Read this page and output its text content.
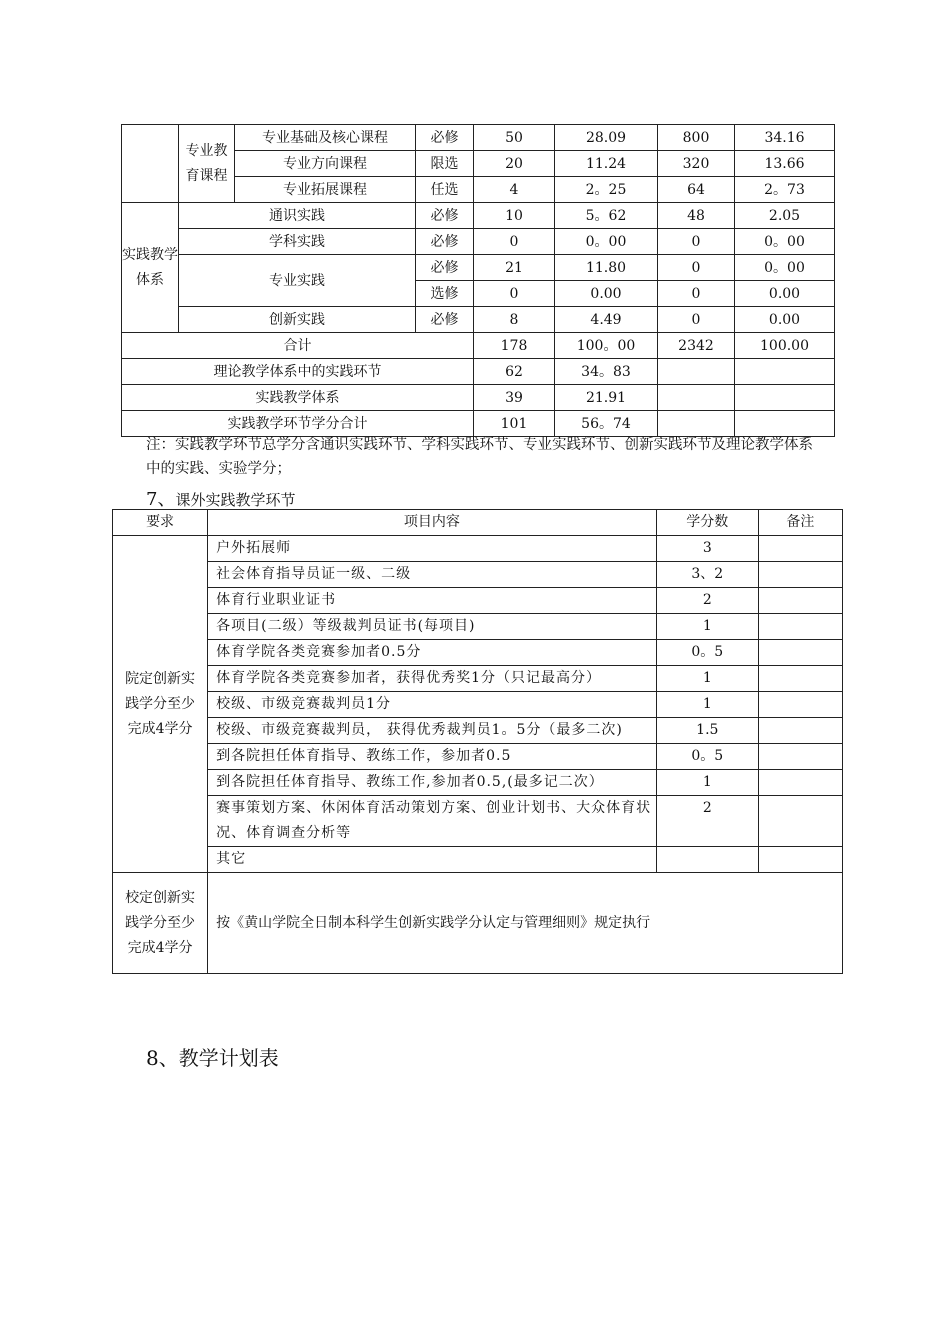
	专业教育课程	专业基础及核心课程	必修	50	28.09	800	34.16
		专业方向课程	限选	20	11.24	320	13.66
		专业拓展课程	任选	4	2。25	64	2。73
实践教学体系	通识实践		必修	10	5。62	48	2.05
	学科实践		必修	0	0。00	0	0。00
	专业实践		必修	21	11.80	0	0。00
			选修	0	0.00	0	0.00
	创新实践		必修	8	4.49	0	0.00
合计				178	100。00	2342	100.00
理论教学体系中的实践环节				62	34。83		
实践教学体系				39	21.91		
实践教学环节学分合计				101	56。74		
注：实践教学环节总学分含通识实践环节、学科实践环节、专业实践环节、创新实践环节及理论教学体系中的实践、实验学分；
7、课外实践教学环节
要求	项目内容	学分数	备注
院定创新实践学分至少完成4学分	户外拓展师	3	
	社会体育指导员证一级、二级	3、2	
	体育行业职业证书	2	
	各项目(二级）等级裁判员证书(每项目)	1	
	体育学院各类竞赛参加者0.5分	0。5	
	体育学院各类竞赛参加者，获得优秀奖1分（只记最高分）	1	
	校级、市级竞赛裁判员1分	1	
	校级、市级竞赛裁判员， 获得优秀裁判员1。5分（最多二次)	1.5	
	到各院担任体育指导、教练工作，参加者0.5	0。5	
	到各院担任体育指导、教练工作,参加者0.5,(最多记二次）	1	
	赛事策划方案、休闲体育活动策划方案、创业计划书、大众体育状况、体育调查分析等	2	
	其它		
校定创新实践学分至少完成4学分	按《黄山学院全日制本科学生创新实践学分认定与管理细则》规定执行		
8、教学计划表
